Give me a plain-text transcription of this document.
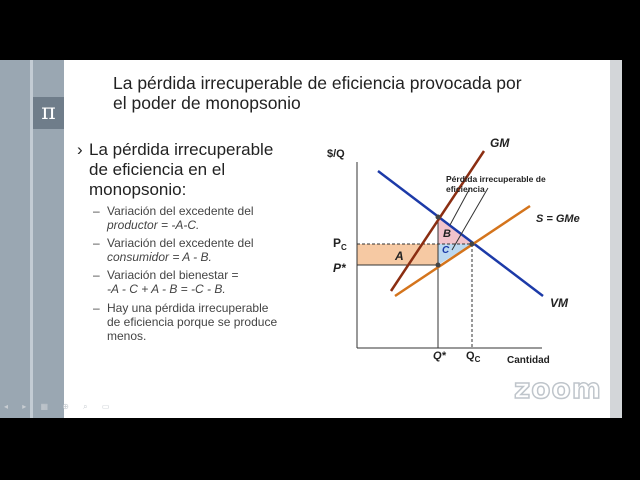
π
La pérdida irrecuperable de eficiencia provocada por
el poder de monopsonio
› La pérdida irrecuperable
de eficiencia en el
monopsonio:
– Variación del excedente del
productor = -A-C.
– Variación del excedente del
consumidor = A - B.
– Variación del bienestar =
-A - C + A - B = -C - B.
– Hay una pérdida irrecuperable
de eficiencia porque se produce
menos.
$/Q
Cantidad
GM
S = GMe
VM
$P_C$
P*
Q* $Q_C$
A
B
C
Pérdida irrecuperable de
eficiencia
zoom
◂ ▸ ▦ ⊕ ⌕ ▭
